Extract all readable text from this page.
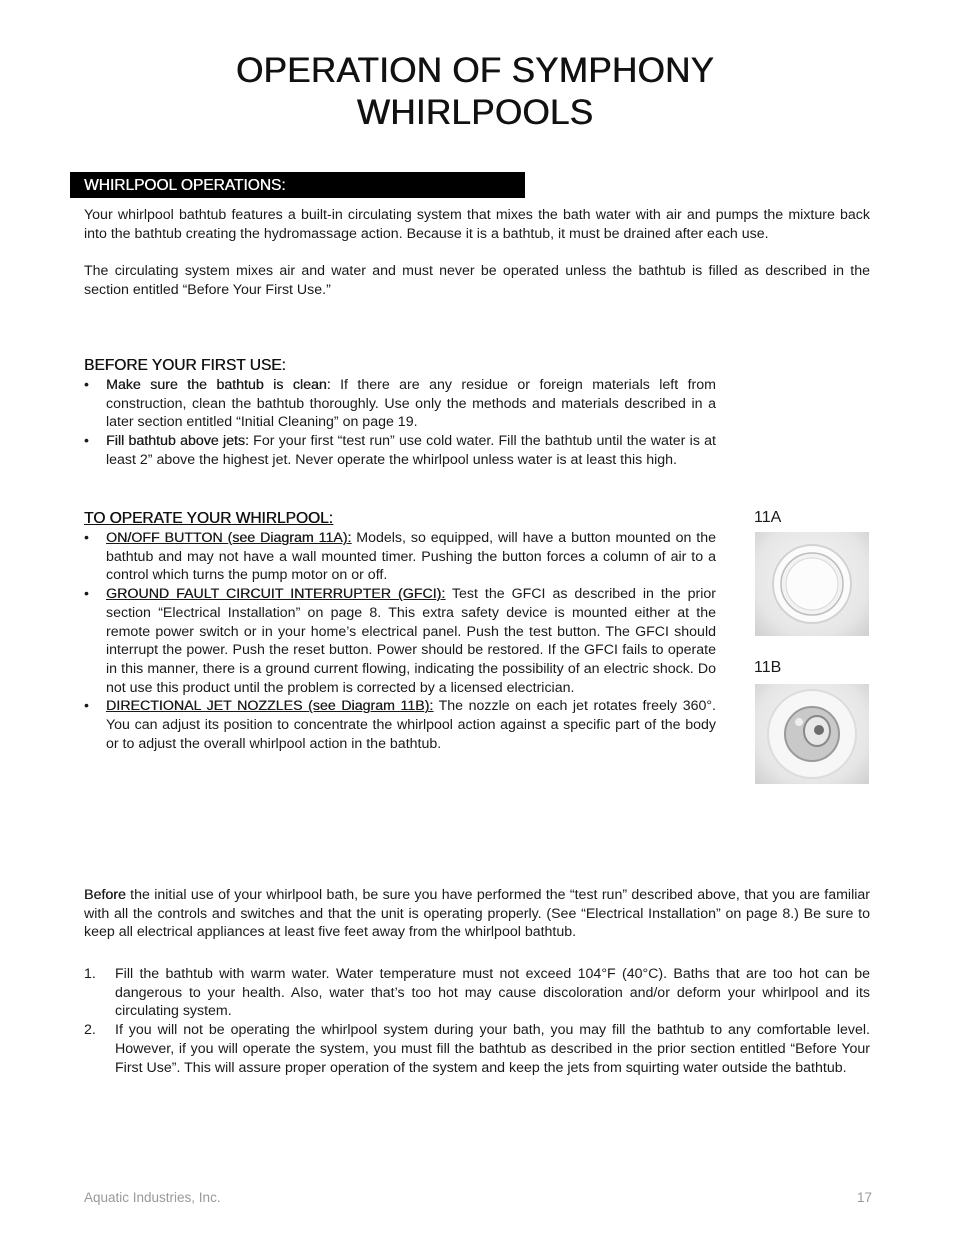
OPERATION OF SYMPHONY
WHIRLPOOLS
WHIRLPOOL OPERATIONS:

Your whirlpool bathtub features a built-in circulating system that mixes the bath water with air and pumps the mixture back into the bathtub creating the hydromassage action. Because it is a bathtub, it must be drained after each use.

The circulating system mixes air and water and must never be operated unless the bathtub is filled as described in the section entitled “Before Your First Use.”

BEFORE YOUR FIRST USE:
• Make sure the bathtub is clean: If there are any residue or foreign materials left from construction, clean the bathtub thoroughly. Use only the methods and materials described in a later section entitled “Initial Cleaning” on page 19.
• Fill bathtub above jets: For your first “test run” use cold water. Fill the bathtub until the water is at least 2” above the highest jet. Never operate the whirlpool unless water is at least this high.
TO OPERATE YOUR WHIRLPOOL:
• ON/OFF BUTTON (see Diagram 11A): Models, so equipped, will have a button mounted on the bathtub and may not have a wall mounted timer. Pushing the button forces a column of air to a control which turns the pump motor on or off.
• GROUND FAULT CIRCUIT INTERRUPTER (GFCI): Test the GFCI as described in the prior section “Electrical Installation” on page 8. This extra safety device is mounted either at the remote power switch or in your home’s electrical panel. Push the test button. The GFCI should interrupt the power. Push the reset button. Power should be restored. If the GFCI fails to operate in this manner, there is a ground current flowing, indicating the possibility of an electric shock. Do not use this product until the problem is corrected by a licensed electrician.
• DIRECTIONAL JET NOZZLES (see Diagram 11B): The nozzle on each jet rotates freely 360°. You can adjust its position to concentrate the whirlpool action against a specific part of the body or to adjust the overall whirlpool action in the bathtub.
11A
11B

Before the initial use of your whirlpool bath, be sure you have performed the “test run” described above, that you are familiar with all the controls and switches and that the unit is operating properly. (See “Electrical Installation” on page 8.) Be sure to keep all electrical appliances at least five feet away from the whirlpool bathtub.

1. Fill the bathtub with warm water. Water temperature must not exceed 104°F (40°C). Baths that are too hot can be dangerous to your health. Also, water that’s too hot may cause discoloration and/or deform your whirlpool and its circulating system.
2. If you will not be operating the whirlpool system during your bath, you may fill the bathtub to any comfortable level. However, if you will operate the system, you must fill the bathtub as described in the prior section entitled “Before Your First Use”. This will assure proper operation of the system and keep the jets from squirting water outside the bathtub.
Aquatic Industries, Inc.	17
